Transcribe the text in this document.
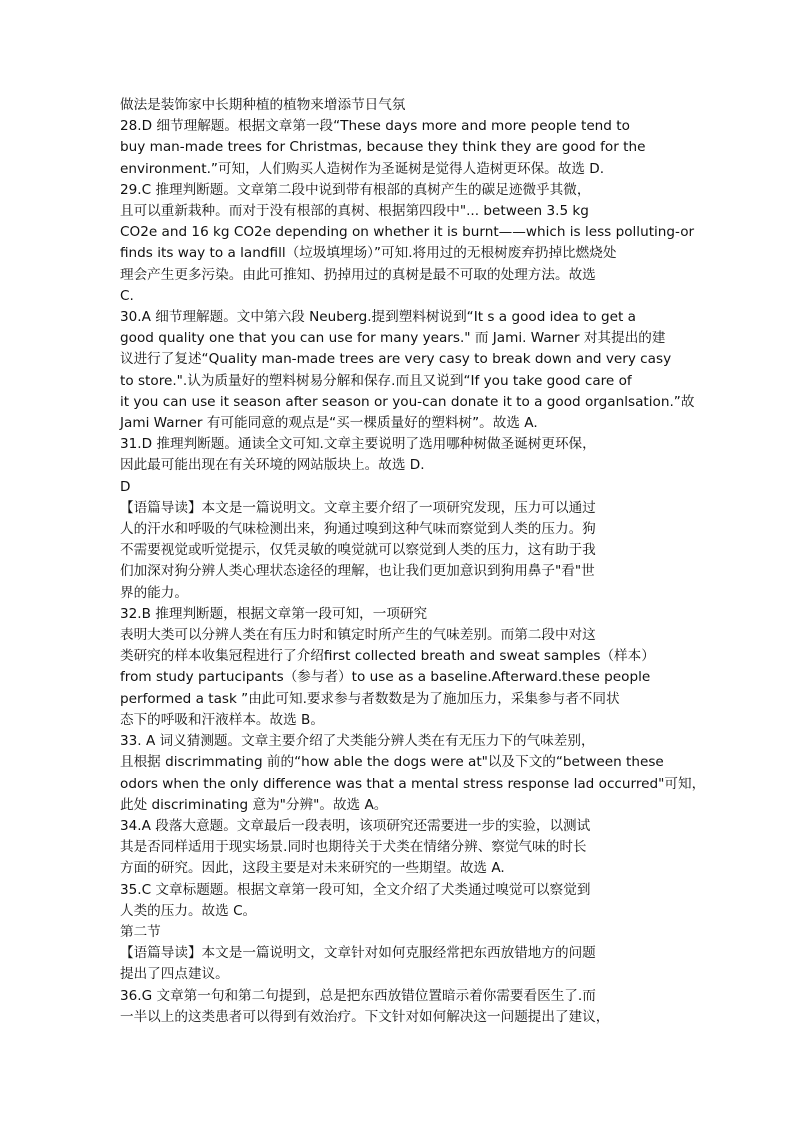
做法是装饰家中长期种植的植物来增添节日气氛
28.D 细节理解题。根据文章第一段“These days more and more people tend to
buy man-made trees for Christmas, because they think they are good for the
environment.”可知，人们购买人造树作为圣诞树是觉得人造树更环保。故选 D.
29.C 推理判断题。文章第二段中说到带有根部的真树产生的碳足迹微乎其微，
且可以重新栽种。而对于没有根部的真树、根据第四段中"... between 3.5 kg
CO2e and 16 kg CO2e depending on whether it is burnt——which is less polluting-or
finds its way to a landfill（垃圾填埋场）”可知.将用过的无根树废弃扔掉比燃烧处
理会产生更多污染。由此可推知、扔掉用过的真树是最不可取的处理方法。故选
C.
30.A 细节理解题。文中第六段 Neuberg.提到塑料树说到“It s a good idea to get a
good quality one that you can use for many years." 而 Jami. Warner 对其提出的建
议进行了复述“Quality man-made trees are very casy to break down and very casy
to store.".认为质量好的塑料树易分解和保存.而且又说到“If you take good care of
it you can use it season after season or you-can donate it to a good organlsation.”故
Jami Warner 有可能同意的观点是“买一棵质量好的塑料树”。故选 A.
31.D 推理判断题。通读全文可知.文章主要说明了选用哪种树做圣诞树更环保，
因此最可能出现在有关环境的网站版块上。故选 D.
D
【语篇导读】本文是一篇说明文。文章主要介绍了一项研究发现，压力可以通过
人的汗水和呼吸的气味检测出来，狗通过嗅到这种气味而察觉到人类的压力。狗
不需要视觉或听觉提示，仅凭灵敏的嗅觉就可以察觉到人类的压力，这有助于我
们加深对狗分辨人类心理状态途径的理解，也让我们更加意识到狗用鼻子"看"世
界的能力。
32.B 推理判断题，根据文章第一段可知，一项研究
表明大类可以分辨人类在有压力时和镇定时所产生的气味差别。而第二段中对这
类研究的样本收集冠程进行了介绍first collected breath and sweat samples（样本）
from study partucipants（参与者）to use as a baseline.Afterward.these people
performed a task ”由此可知.要求参与者数数是为了施加压力，采集参与者不同状
态下的呼吸和汗液样本。故选 B。
33. A 词义猜测题。文章主要介绍了犬类能分辨人类在有无压力下的气味差别，
且根据 discrimmating 前的“how able the dogs were at"以及下文的“between these
odors when the only difference was that a mental stress response lad occurred"可知，
此处 discriminating 意为"分辨"。故选 A。
34.A 段落大意题。文章最后一段表明，该项研究还需要进一步的实验，以测试
其是否同样适用于现实场景.同时也期待关于犬类在情绪分辨、察觉气味的时长
方面的研究。因此，这段主要是对未来研究的一些期望。故选 A.
35.C 文章标题题。根据文章第一段可知，全文介绍了犬类通过嗅觉可以察觉到
人类的压力。故选 C。
第二节
【语篇导读】本文是一篇说明文，文章针对如何克服经常把东西放错地方的问题
提出了四点建议。
36.G 文章第一句和第二句提到，总是把东西放错位置暗示着你需要看医生了.而
一半以上的这类患者可以得到有效治疗。下文针对如何解决这一问题提出了建议，
